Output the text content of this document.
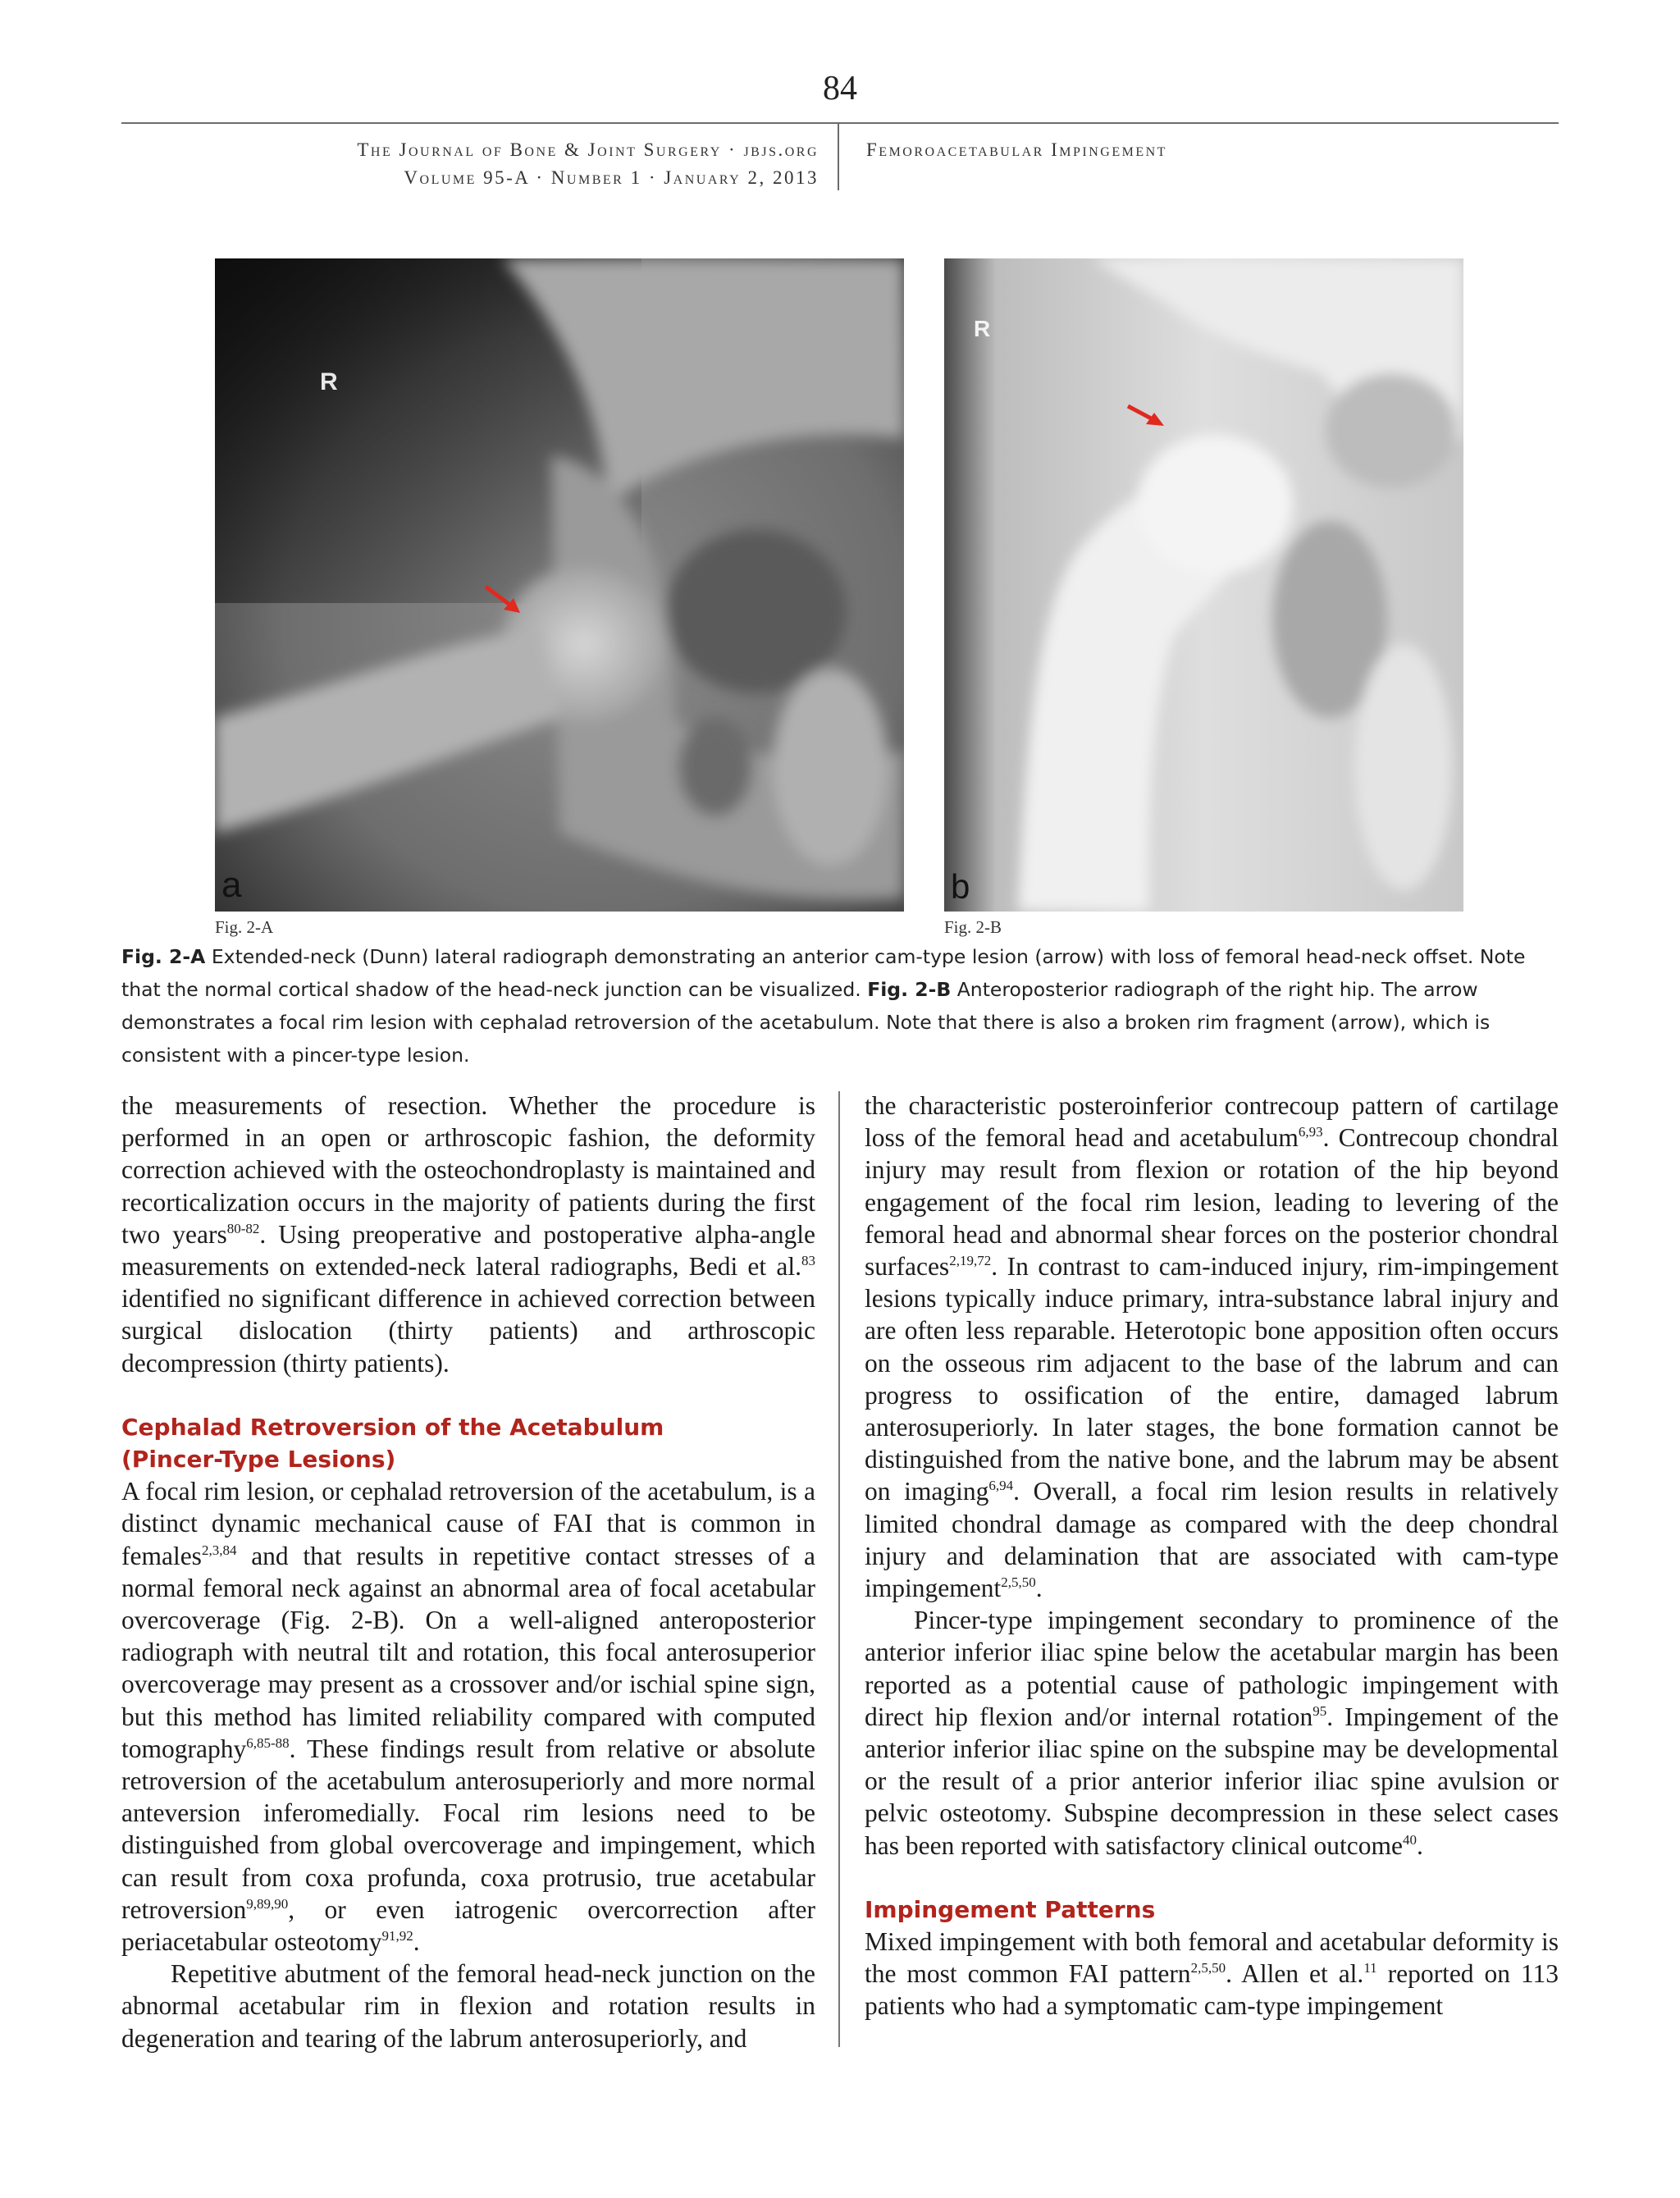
84
The Journal of Bone & Joint Surgery · jbjs.org
Volume 95-A · Number 1 · January 2, 2013
Femoroacetabular Impingement
R
a
R
b
Fig. 2-A	Fig. 2-B
Fig. 2-A Extended-neck (Dunn) lateral radiograph demonstrating an anterior cam-type lesion (arrow) with loss of femoral head-neck offset. Note that the normal cortical shadow of the head-neck junction can be visualized. Fig. 2-B Anteroposterior radiograph of the right hip. The arrow demonstrates a focal rim lesion with cephalad retroversion of the acetabulum. Note that there is also a broken rim fragment (arrow), which is consistent with a pincer-type lesion.

the measurements of resection. Whether the procedure is performed in an open or arthroscopic fashion, the deformity correction achieved with the osteochondroplasty is maintained and recorticalization occurs in the majority of patients during the first two years$^{80-82}$. Using preoperative and postoperative alpha-angle measurements on extended-neck lateral radiographs, Bedi et al.$^{83}$ identified no significant difference in achieved correction between surgical dislocation (thirty patients) and arthroscopic decompression (thirty patients).

Cephalad Retroversion of the Acetabulum
(Pincer-Type Lesions)

A focal rim lesion, or cephalad retroversion of the acetabulum, is a distinct dynamic mechanical cause of FAI that is common in females$^{2,3,84}$ and that results in repetitive contact stresses of a normal femoral neck against an abnormal area of focal acetabular overcoverage (Fig. 2-B). On a well-aligned anteroposterior radiograph with neutral tilt and rotation, this focal anterosuperior overcoverage may present as a crossover and/or ischial spine sign, but this method has limited reliability compared with computed tomography$^{6,85-88}$. These findings result from relative or absolute retroversion of the acetabulum anterosuperiorly and more normal anteversion inferomedially. Focal rim lesions need to be distinguished from global overcoverage and impingement, which can result from coxa profunda, coxa protrusio, true acetabular retroversion$^{9,89,90}$, or even iatrogenic overcorrection after periacetabular osteotomy$^{91,92}$.

Repetitive abutment of the femoral head-neck junction on the abnormal acetabular rim in flexion and rotation results in degeneration and tearing of the labrum anterosuperiorly, and

the characteristic posteroinferior contrecoup pattern of cartilage loss of the femoral head and acetabulum$^{6,93}$. Contrecoup chondral injury may result from flexion or rotation of the hip beyond engagement of the focal rim lesion, leading to levering of the femoral head and abnormal shear forces on the posterior chondral surfaces$^{2,19,72}$. In contrast to cam-induced injury, rim-impingement lesions typically induce primary, intra-substance labral injury and are often less reparable. Heterotopic bone apposition often occurs on the osseous rim adjacent to the base of the labrum and can progress to ossification of the entire, damaged labrum anterosuperiorly. In later stages, the bone formation cannot be distinguished from the native bone, and the labrum may be absent on imaging$^{6,94}$. Overall, a focal rim lesion results in relatively limited chondral damage as compared with the deep chondral injury and delamination that are associated with cam-type impingement$^{2,5,50}$.

Pincer-type impingement secondary to prominence of the anterior inferior iliac spine below the acetabular margin has been reported as a potential cause of pathologic impingement with direct hip flexion and/or internal rotation$^{95}$. Impingement of the anterior inferior iliac spine on the subspine may be developmental or the result of a prior anterior inferior iliac spine avulsion or pelvic osteotomy. Subspine decompression in these select cases has been reported with satisfactory clinical outcome$^{40}$.

Impingement Patterns

Mixed impingement with both femoral and acetabular deformity is the most common FAI pattern$^{2,5,50}$. Allen et al.$^{11}$ reported on 113 patients who had a symptomatic cam-type impingement
